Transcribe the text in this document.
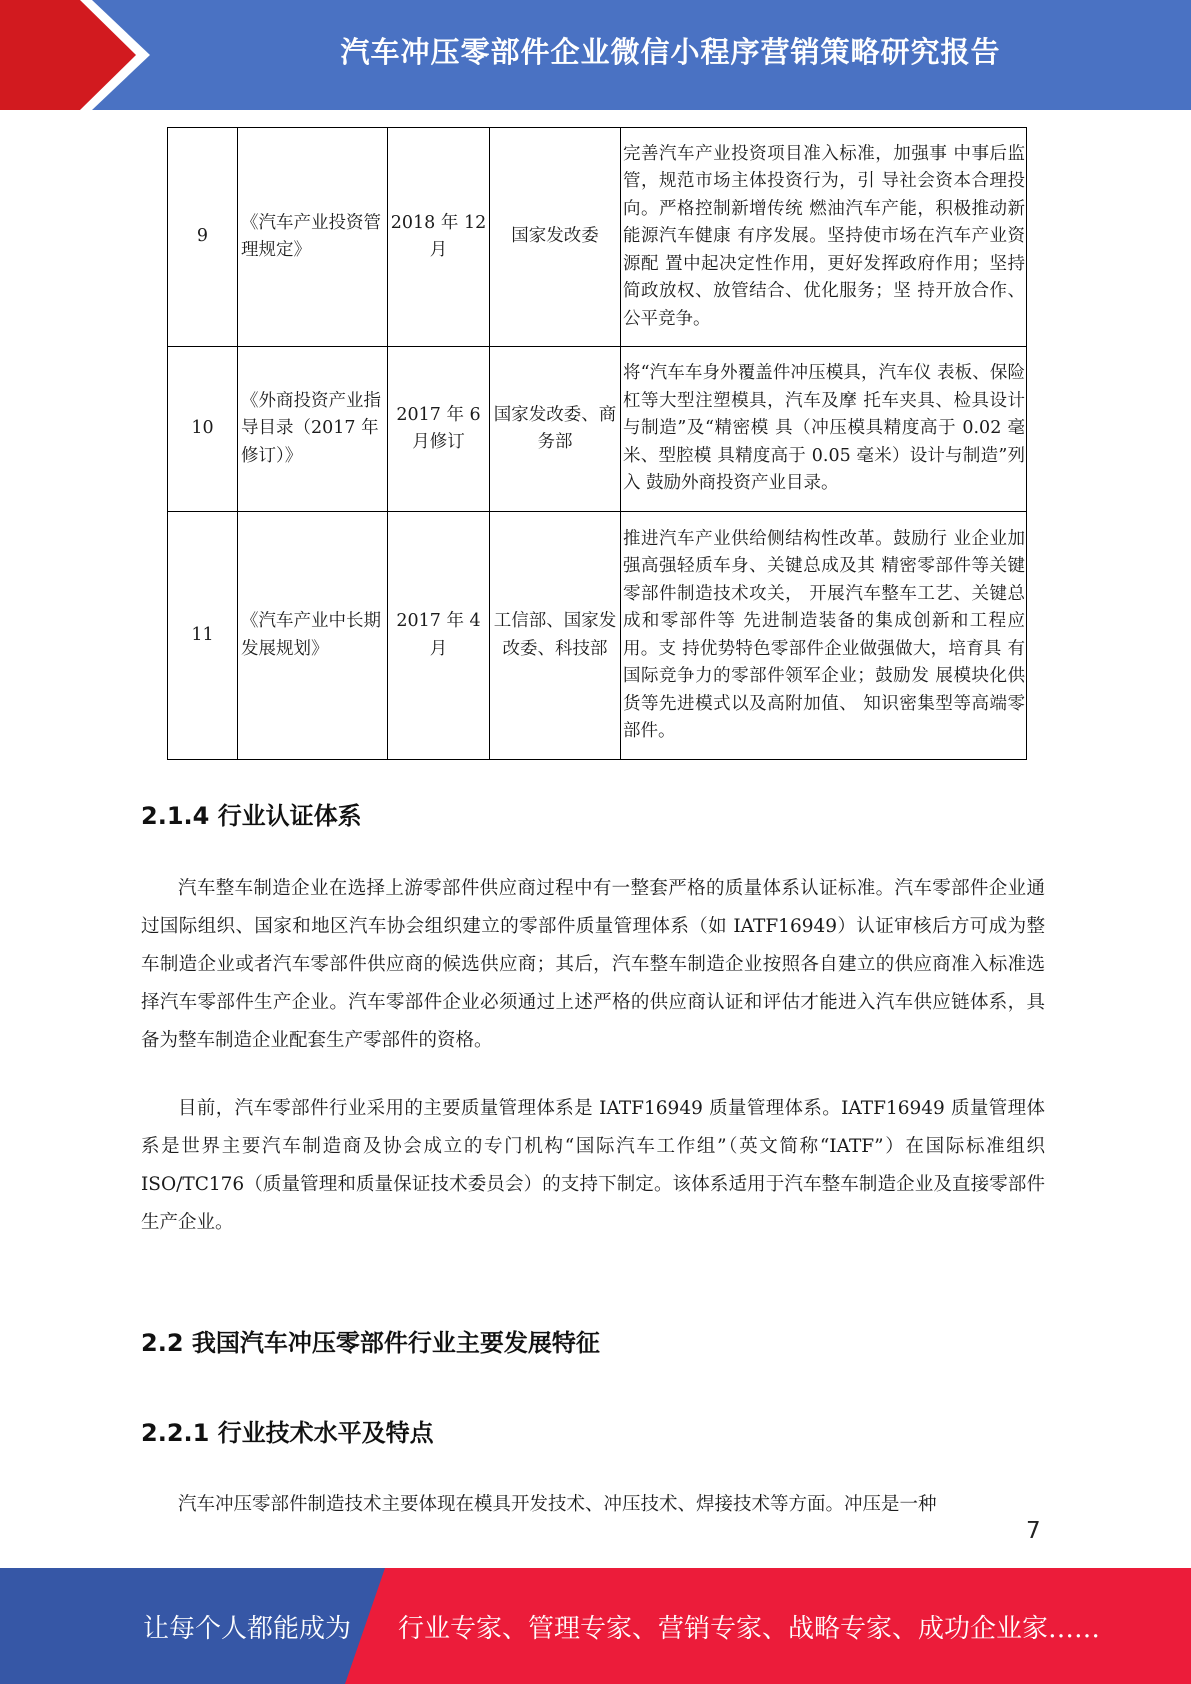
汽车冲压零部件企业微信小程序营销策略研究报告
9	《汽车产业投资管理规定》	2018 年 12 月	国家发改委	完善汽车产业投资项目准入标准，加强事 中事后监管，规范市场主体投资行为，引 导社会资本合理投向。严格控制新增传统 燃油汽车产能，积极推动新能源汽车健康 有序发展。坚持使市场在汽车产业资源配 置中起决定性作用，更好发挥政府作用；坚持简政放权、放管结合、优化服务；坚 持开放合作、公平竞争。
10	《外商投资产业指导目录（2017 年修订）》	2017 年 6 月修订	国家发改委、商务部	将“汽车车身外覆盖件冲压模具，汽车仪 表板、保险杠等大型注塑模具，汽车及摩 托车夹具、检具设计与制造”及“精密模 具（冲压模具精度高于 0.02 毫米、型腔模 具精度高于 0.05 毫米）设计与制造”列入 鼓励外商投资产业目录。
11	《汽车产业中长期发展规划》	2017 年 4 月	工信部、国家发改委、科技部	推进汽车产业供给侧结构性改革。鼓励行 业企业加强高强轻质车身、关键总成及其 精密零部件等关键零部件制造技术攻关， 开展汽车整车工艺、关键总成和零部件等 先进制造装备的集成创新和工程应用。支 持优势特色零部件企业做强做大，培育具 有国际竞争力的零部件领军企业；鼓励发 展模块化供货等先进模式以及高附加值、 知识密集型等高端零部件。
2.1.4 行业认证体系

汽车整车制造企业在选择上游零部件供应商过程中有一整套严格的质量体系认证标准。汽车零部件企业通过国际组织、国家和地区汽车协会组织建立的零部件质量管理体系（如 IATF16949）认证审核后方可成为整车制造企业或者汽车零部件供应商的候选供应商；其后，汽车整车制造企业按照各自建立的供应商准入标准选择汽车零部件生产企业。汽车零部件企业必须通过上述严格的供应商认证和评估才能进入汽车供应链体系，具备为整车制造企业配套生产零部件的资格。

目前，汽车零部件行业采用的主要质量管理体系是 IATF16949 质量管理体系。IATF16949 质量管理体系是世界主要汽车制造商及协会成立的专门机构“国际汽车工作组”（英文简称“IATF”）在国际标准组织 ISO/TC176（质量管理和质量保证技术委员会）的支持下制定。该体系适用于汽车整车制造企业及直接零部件生产企业。

2.2 我国汽车冲压零部件行业主要发展特征
2.2.1 行业技术水平及特点

汽车冲压零部件制造技术主要体现在模具开发技术、冲压技术、焊接技术等方面。冲压是一种

7

让每个人都能成为 行业专家、管理专家、营销专家、战略专家、成功企业家……
